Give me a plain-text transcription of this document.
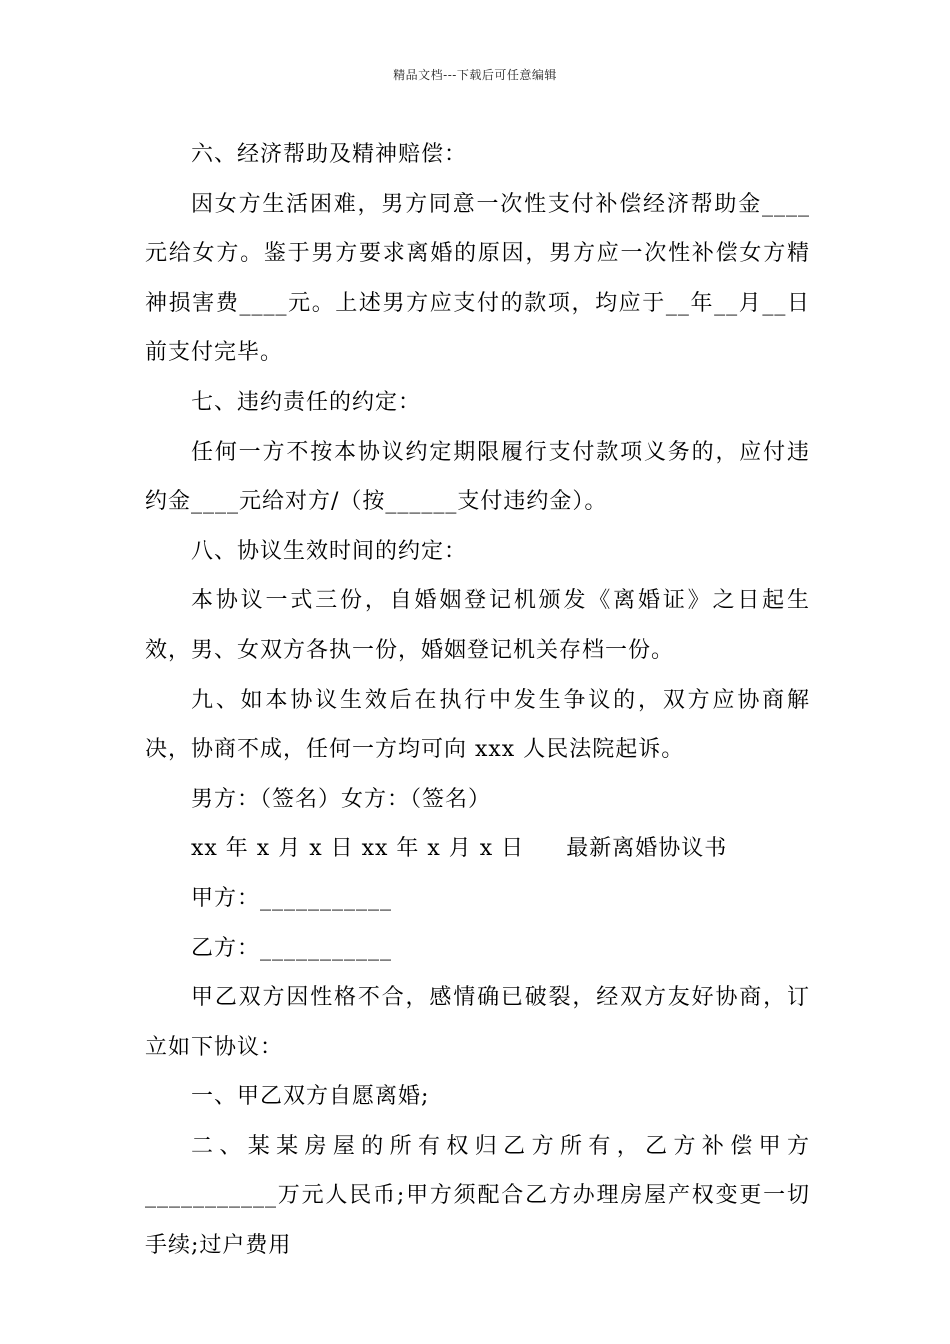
精品文档---下载后可任意编辑

六、经济帮助及精神赔偿：

因女方生活困难，男方同意一次性支付补偿经济帮助金____元给女方。鉴于男方要求离婚的原因，男方应一次性补偿女方精神损害费____元。上述男方应支付的款项，均应于__年__月__日前支付完毕。

七、违约责任的约定：

任何一方不按本协议约定期限履行支付款项义务的，应付违约金____元给对方/（按______支付违约金）。

八、协议生效时间的约定：

本协议一式三份，自婚姻登记机颁发《离婚证》之日起生效，男、女双方各执一份，婚姻登记机关存档一份。

九、如本协议生效后在执行中发生争议的，双方应协商解决，协商不成，任何一方均可向 xxx 人民法院起诉。

男方：（签名）女方：（签名）

xx 年 x 月 x 日 xx 年 x 月 x 日 最新离婚协议书

甲方：___________

乙方：___________

甲乙双方因性格不合，感情确已破裂，经双方友好协商，订立如下协议：

一、甲乙双方自愿离婚;

二、某某房屋的所有权归乙方所有，乙方补偿甲方___________万元人民币;甲方须配合乙方办理房屋产权变更一切手续;过户费用
